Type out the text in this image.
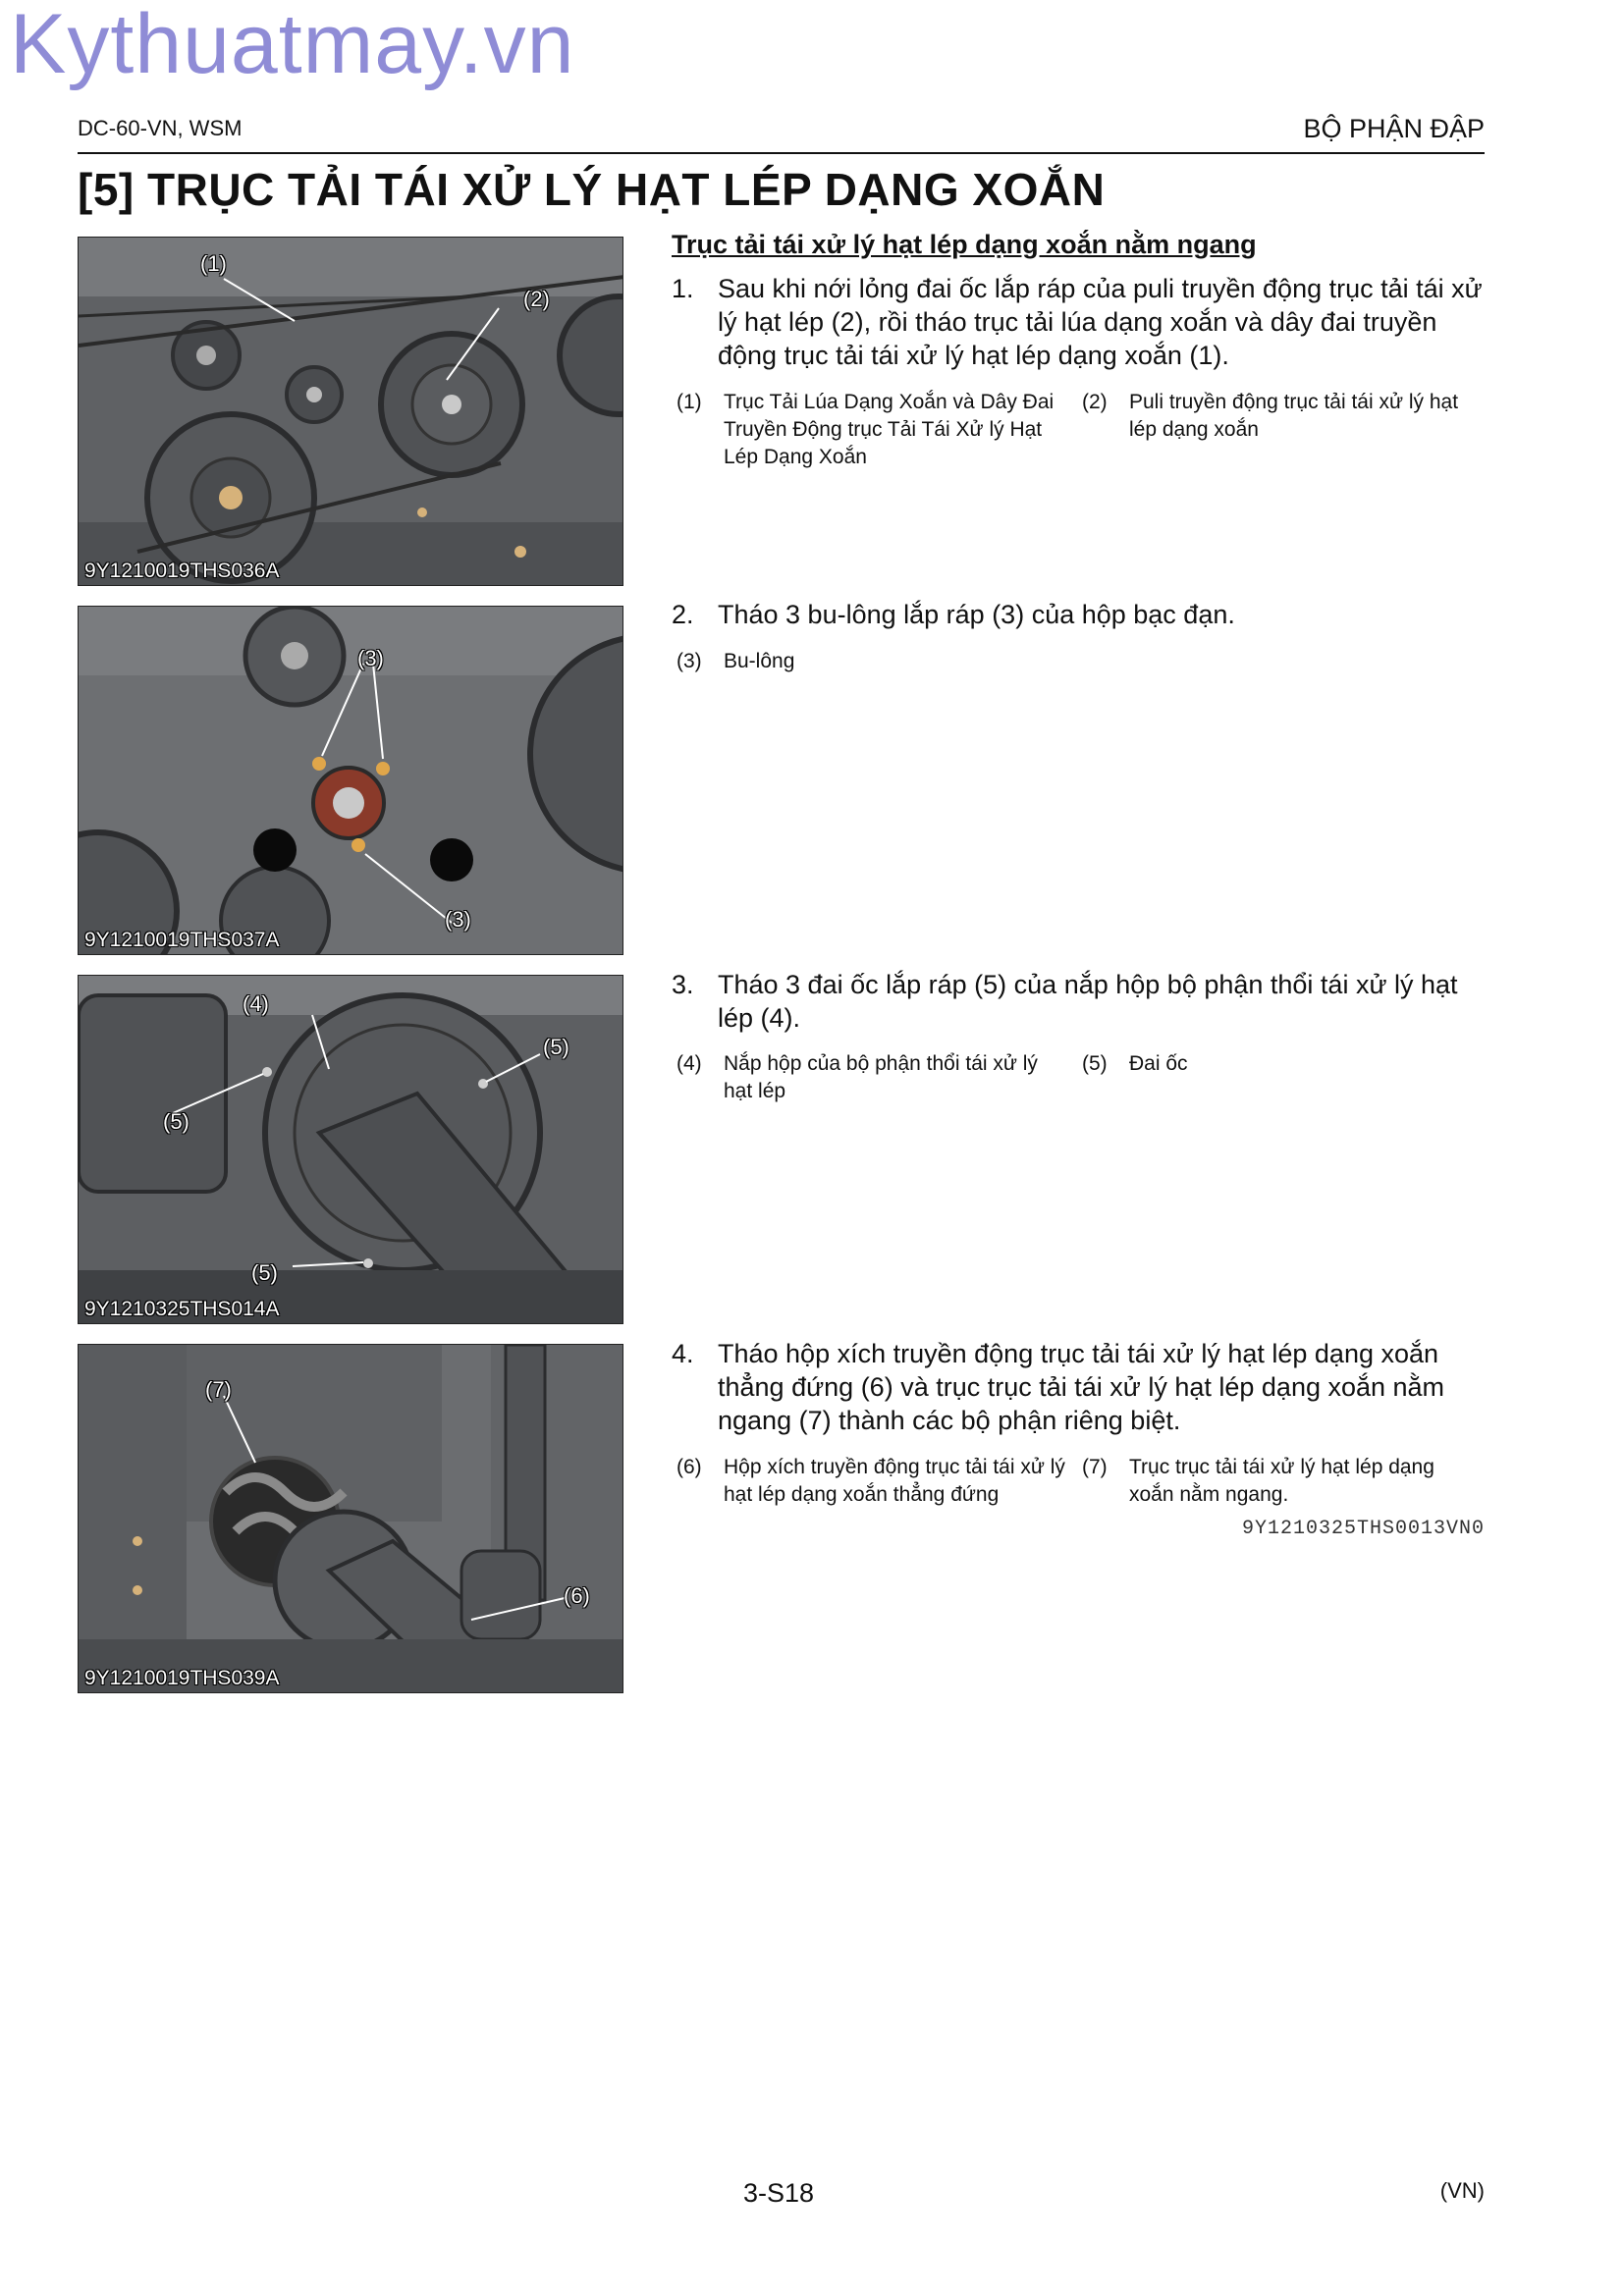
Kythuatmay.vn
DC-60-VN, WSM	BỘ PHẬN ĐẬP
[5] TRỤC TẢI TÁI XỬ LÝ HẠT LÉP DẠNG XOẮN
(1)
(2)
9Y1210019THS036A
(3)
(3)
9Y1210019THS037A
(4)
(5)
(5)
(5)
9Y1210325THS014A
(7)
(6)
9Y1210019THS039A
Trục tải tái xử lý hạt lép dạng xoắn nằm ngang
1. Sau khi nới lỏng đai ốc lắp ráp của puli truyền động trục tải tái xử lý hạt lép (2), rồi tháo trục tải lúa dạng xoắn và dây đai truyền động trục tải tái xử lý hạt lép dạng xoắn (1).
(1) Trục Tải Lúa Dạng Xoắn và Dây Đai Truyền Động trục Tải Tái Xử lý Hạt Lép Dạng Xoắn
(2) Puli truyền động trục tải tái xử lý hạt lép dạng xoắn
2. Tháo 3 bu-lông lắp ráp (3) của hộp bạc đạn.
(3) Bu-lông
3. Tháo 3 đai ốc lắp ráp (5) của nắp hộp bộ phận thổi tái xử lý hạt lép (4).
(4) Nắp hộp của bộ phận thổi tái xử lý hạt lép
(5) Đai ốc
4. Tháo hộp xích truyền động trục tải tái xử lý hạt lép dạng xoắn thẳng đứng (6) và trục trục tải tái xử lý hạt lép dạng xoắn nằm ngang (7) thành các bộ phận riêng biệt.
(6) Hộp xích truyền động trục tải tái xử lý hạt lép dạng xoắn thẳng đứng
(7) Trục trục tải tái xử lý hạt lép dạng xoắn nằm ngang.
9Y1210325THS0013VN0
3-S18	(VN)
